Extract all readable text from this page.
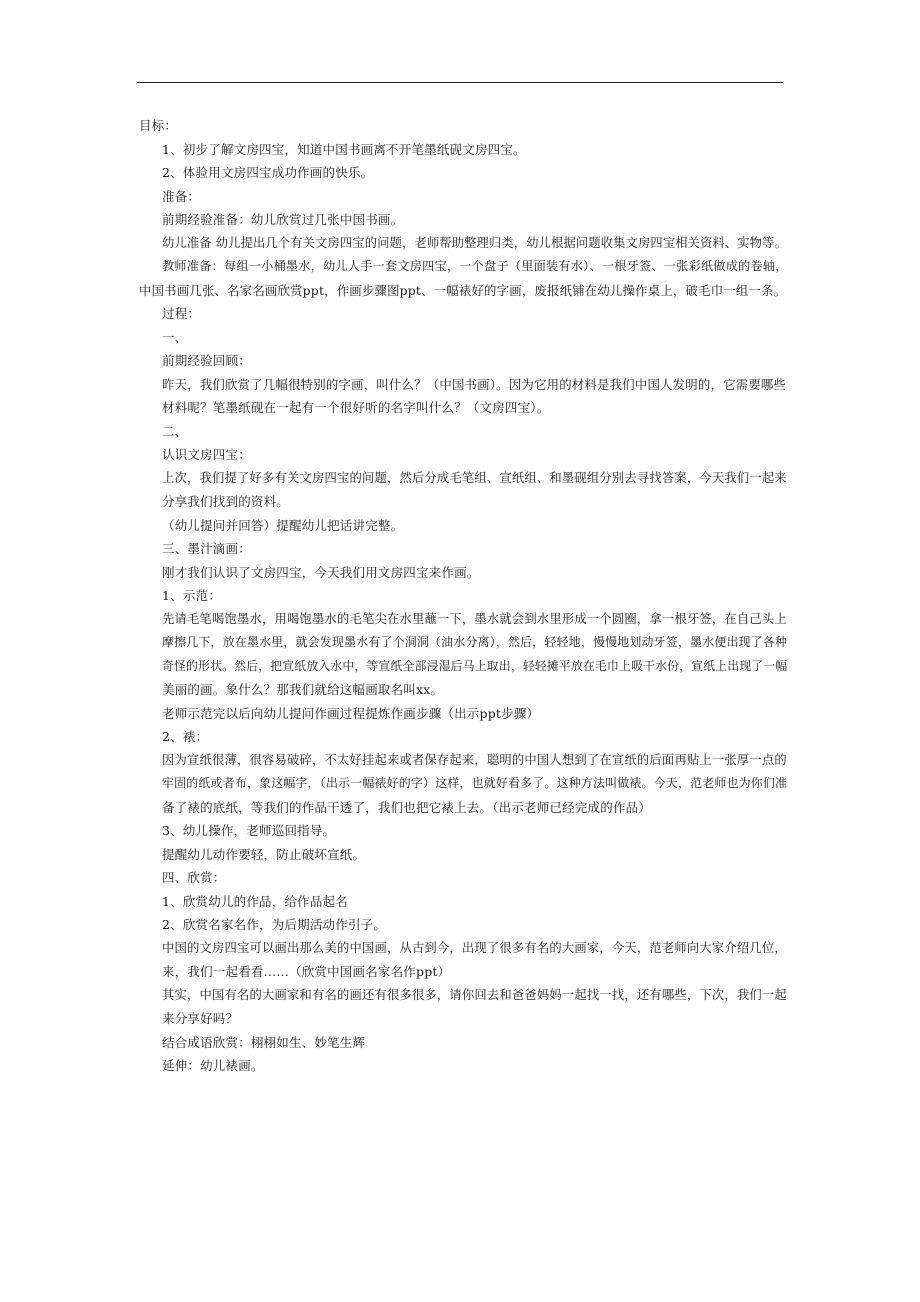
目标：
1、初步了解文房四宝，知道中国书画离不开笔墨纸砚文房四宝。
2、体验用文房四宝成功作画的快乐。
准备：
前期经验准备：幼儿欣赏过几张中国书画。
幼儿准备 幼儿提出几个有关文房四宝的问题，老师帮助整理归类，幼儿根据问题收集文房四宝相关资料、实物等。
教师准备：每组一小桶墨水，幼儿人手一套文房四宝，一个盘子（里面装有水）、一根牙签、一张彩纸做成的卷轴，
中国书画几张、名家名画欣赏ppt，作画步骤图ppt、一幅裱好的字画，废报纸铺在幼儿操作桌上，破毛巾一组一条。
过程：
一、
前期经验回顾：
昨天，我们欣赏了几幅很特别的字画，叫什么？（中国书画）。因为它用的材料是我们中国人发明的，它需要哪些
材料呢？笔墨纸砚在一起有一个很好听的名字叫什么？（文房四宝）。
二、
认识文房四宝：
上次，我们提了好多有关文房四宝的问题，然后分成毛笔组、宣纸组、和墨砚组分别去寻找答案，今天我们一起来
分享我们找到的资料。
（幼儿提问并回答）提醒幼儿把话讲完整。
三、墨汁滴画：
刚才我们认识了文房四宝，今天我们用文房四宝来作画。
1、示范：
先请毛笔喝饱墨水，用喝饱墨水的毛笔尖在水里蘸一下，墨水就会到水里形成一个圆圈，拿一根牙签，在自己头上
摩擦几下，放在墨水里，就会发现墨水有了个洞洞（油水分离），然后，轻轻地，慢慢地划动牙签，墨水便出现了各种
奇怪的形状。然后，把宣纸放入水中，等宣纸全部浸湿后马上取出，轻轻摊平放在毛巾上吸干水份，宣纸上出现了一幅
美丽的画。象什么？那我们就给这幅画取名叫xx。
老师示范完以后向幼儿提问作画过程提炼作画步骤（出示ppt步骤）
2、裱：
因为宣纸很薄，很容易破碎，不太好挂起来或者保存起来，聪明的中国人想到了在宣纸的后面再贴上一张厚一点的
牢固的纸或者布，象这幅字，（出示一幅裱好的字）这样，也就好看多了。这种方法叫做裱。今天，范老师也为你们准
备了裱的底纸，等我们的作品干透了，我们也把它裱上去。（出示老师已经完成的作品）
3、幼儿操作，老师巡回指导。
提醒幼儿动作要轻，防止破坏宣纸。
四、欣赏：
1、欣赏幼儿的作品，给作品起名
2、欣赏名家名作，为后期活动作引子。
中国的文房四宝可以画出那么美的中国画，从古到今，出现了很多有名的大画家，今天，范老师向大家介绍几位，
来，我们一起看看……（欣赏中国画名家名作ppt）
其实，中国有名的大画家和有名的画还有很多很多，请你回去和爸爸妈妈一起找一找，还有哪些，下次，我们一起
来分享好吗？
结合成语欣赏：栩栩如生、妙笔生辉
延伸：幼儿裱画。
